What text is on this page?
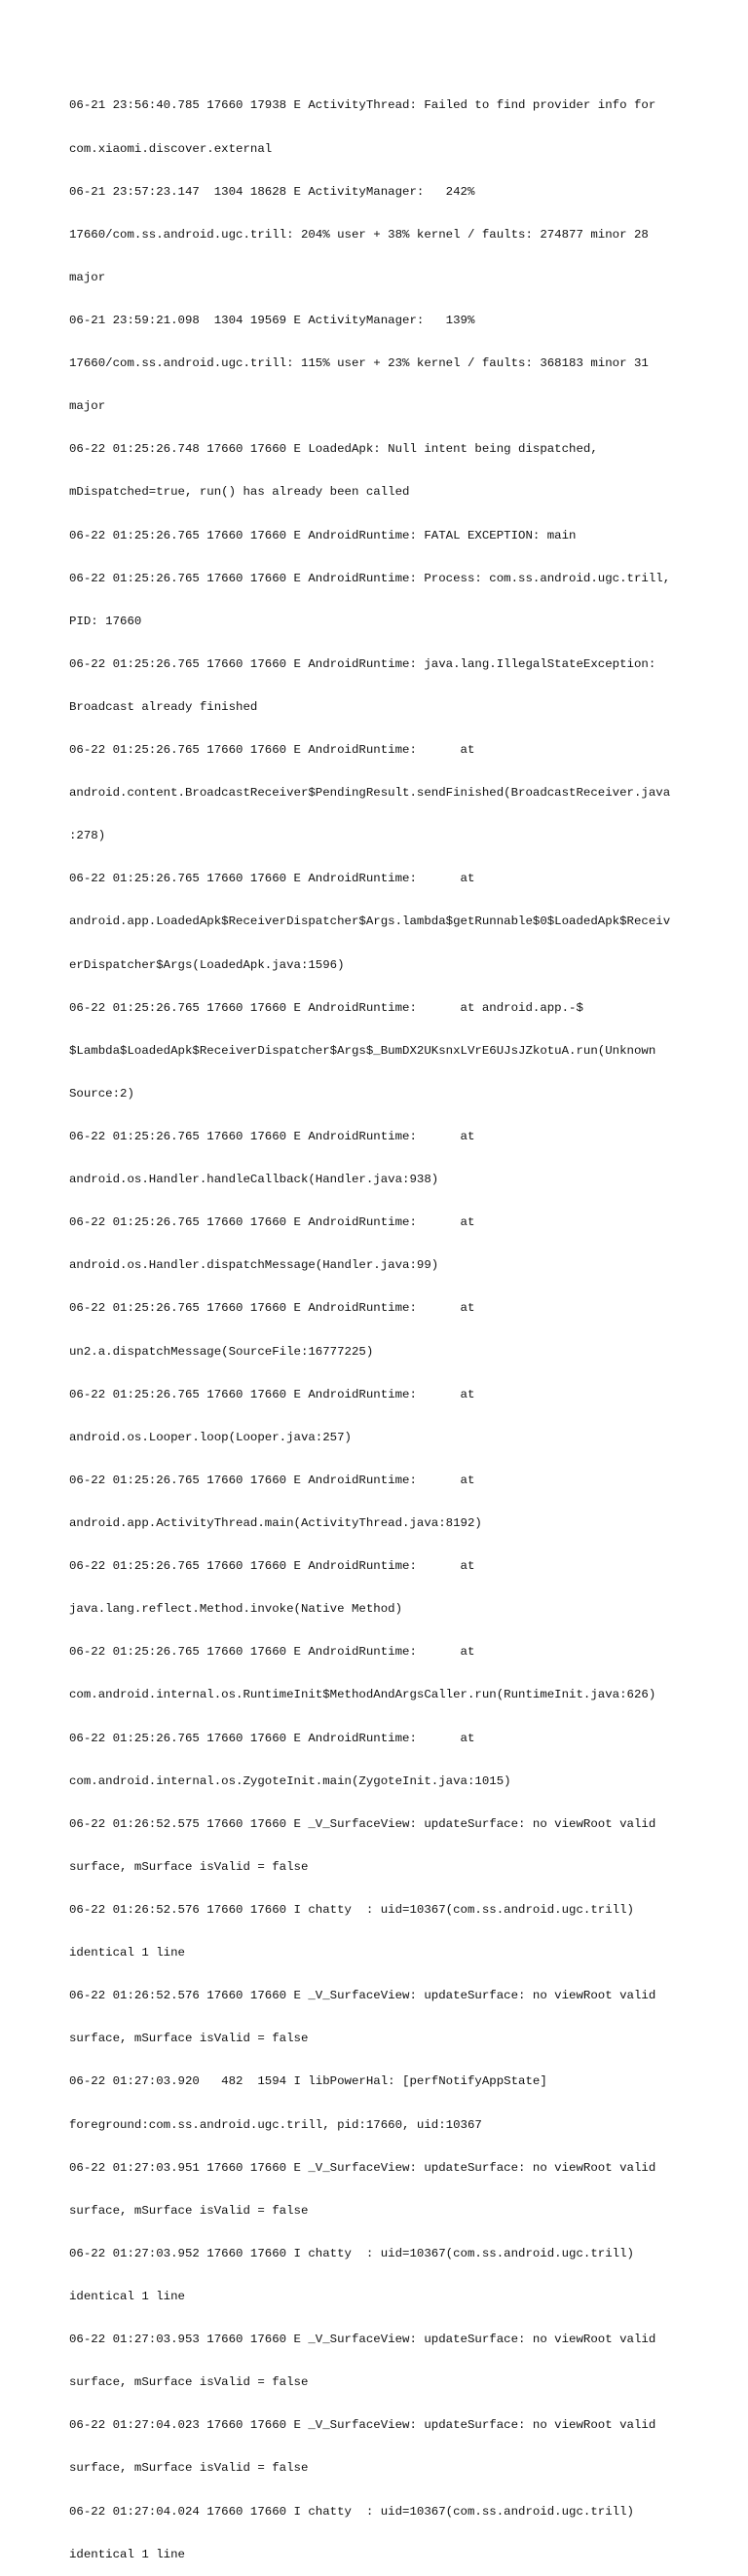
06-21 23:56:40.785 17660 17938 E ActivityThread: Failed to find provider info for

com.xiaomi.discover.external

06-21 23:57:23.147  1304 18628 E ActivityManager:   242%

17660/com.ss.android.ugc.trill: 204% user + 38% kernel / faults: 274877 minor 28

major

06-21 23:59:21.098  1304 19569 E ActivityManager:   139%

17660/com.ss.android.ugc.trill: 115% user + 23% kernel / faults: 368183 minor 31

major

06-22 01:25:26.748 17660 17660 E LoadedApk: Null intent being dispatched,

mDispatched=true, run() has already been called

06-22 01:25:26.765 17660 17660 E AndroidRuntime: FATAL EXCEPTION: main

06-22 01:25:26.765 17660 17660 E AndroidRuntime: Process: com.ss.android.ugc.trill,

PID: 17660

06-22 01:25:26.765 17660 17660 E AndroidRuntime: java.lang.IllegalStateException:

Broadcast already finished

06-22 01:25:26.765 17660 17660 E AndroidRuntime:      at

android.content.BroadcastReceiver$PendingResult.sendFinished(BroadcastReceiver.java

:278)

06-22 01:25:26.765 17660 17660 E AndroidRuntime:      at

android.app.LoadedApk$ReceiverDispatcher$Args.lambda$getRunnable$0$LoadedApk$Receiv

erDispatcher$Args(LoadedApk.java:1596)

06-22 01:25:26.765 17660 17660 E AndroidRuntime:      at android.app.-$

$Lambda$LoadedApk$ReceiverDispatcher$Args$_BumDX2UKsnxLVrE6UJsJZkotuA.run(Unknown

Source:2)

06-22 01:25:26.765 17660 17660 E AndroidRuntime:      at

android.os.Handler.handleCallback(Handler.java:938)

06-22 01:25:26.765 17660 17660 E AndroidRuntime:      at

android.os.Handler.dispatchMessage(Handler.java:99)

06-22 01:25:26.765 17660 17660 E AndroidRuntime:      at

un2.a.dispatchMessage(SourceFile:16777225)

06-22 01:25:26.765 17660 17660 E AndroidRuntime:      at

android.os.Looper.loop(Looper.java:257)

06-22 01:25:26.765 17660 17660 E AndroidRuntime:      at

android.app.ActivityThread.main(ActivityThread.java:8192)

06-22 01:25:26.765 17660 17660 E AndroidRuntime:      at

java.lang.reflect.Method.invoke(Native Method)

06-22 01:25:26.765 17660 17660 E AndroidRuntime:      at

com.android.internal.os.RuntimeInit$MethodAndArgsCaller.run(RuntimeInit.java:626)

06-22 01:25:26.765 17660 17660 E AndroidRuntime:      at

com.android.internal.os.ZygoteInit.main(ZygoteInit.java:1015)

06-22 01:26:52.575 17660 17660 E _V_SurfaceView: updateSurface: no viewRoot valid

surface, mSurface isValid = false

06-22 01:26:52.576 17660 17660 I chatty  : uid=10367(com.ss.android.ugc.trill)

identical 1 line

06-22 01:26:52.576 17660 17660 E _V_SurfaceView: updateSurface: no viewRoot valid

surface, mSurface isValid = false

06-22 01:27:03.920   482  1594 I libPowerHal: [perfNotifyAppState]

foreground:com.ss.android.ugc.trill, pid:17660, uid:10367

06-22 01:27:03.951 17660 17660 E _V_SurfaceView: updateSurface: no viewRoot valid

surface, mSurface isValid = false

06-22 01:27:03.952 17660 17660 I chatty  : uid=10367(com.ss.android.ugc.trill)

identical 1 line

06-22 01:27:03.953 17660 17660 E _V_SurfaceView: updateSurface: no viewRoot valid

surface, mSurface isValid = false

06-22 01:27:04.023 17660 17660 E _V_SurfaceView: updateSurface: no viewRoot valid

surface, mSurface isValid = false

06-22 01:27:04.024 17660 17660 I chatty  : uid=10367(com.ss.android.ugc.trill)

identical 1 line
